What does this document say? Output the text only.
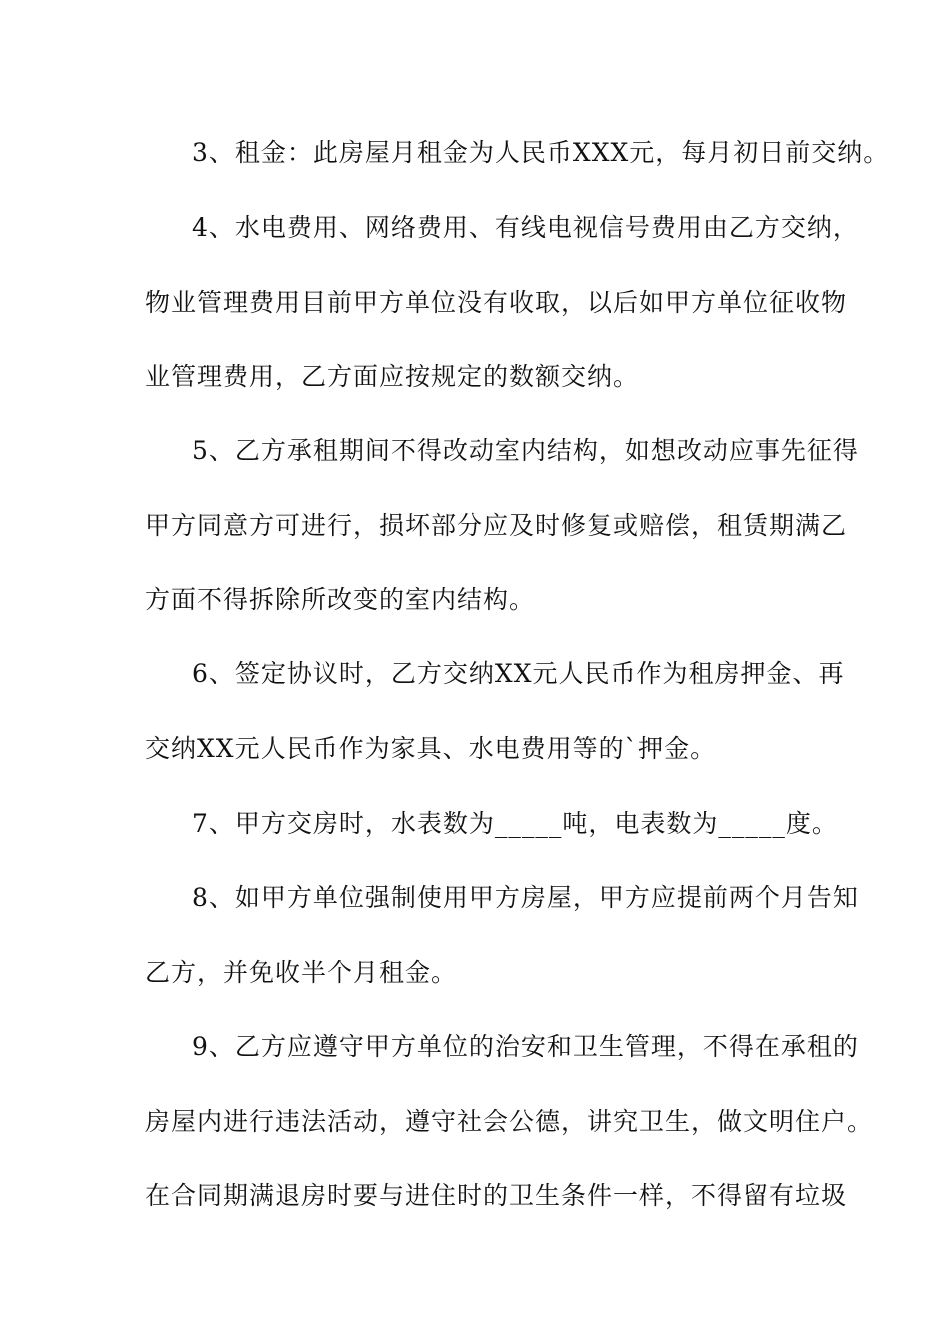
3、租金：此房屋月租金为人民币XXX元，每月初日前交纳。
4、水电费用、网络费用、有线电视信号费用由乙方交纳，
物业管理费用目前甲方单位没有收取，以后如甲方单位征收物
业管理费用，乙方面应按规定的数额交纳。
5、乙方承租期间不得改动室内结构，如想改动应事先征得
甲方同意方可进行，损坏部分应及时修复或赔偿，租赁期满乙
方面不得拆除所改变的室内结构。
6、签定协议时，乙方交纳XX元人民币作为租房押金、再
交纳XX元人民币作为家具、水电费用等的`押金。
7、甲方交房时，水表数为_____吨，电表数为_____度。
8、如甲方单位强制使用甲方房屋，甲方应提前两个月告知
乙方，并免收半个月租金。
9、乙方应遵守甲方单位的治安和卫生管理，不得在承租的
房屋内进行违法活动，遵守社会公德，讲究卫生，做文明住户。
在合同期满退房时要与进住时的卫生条件一样，不得留有垃圾
